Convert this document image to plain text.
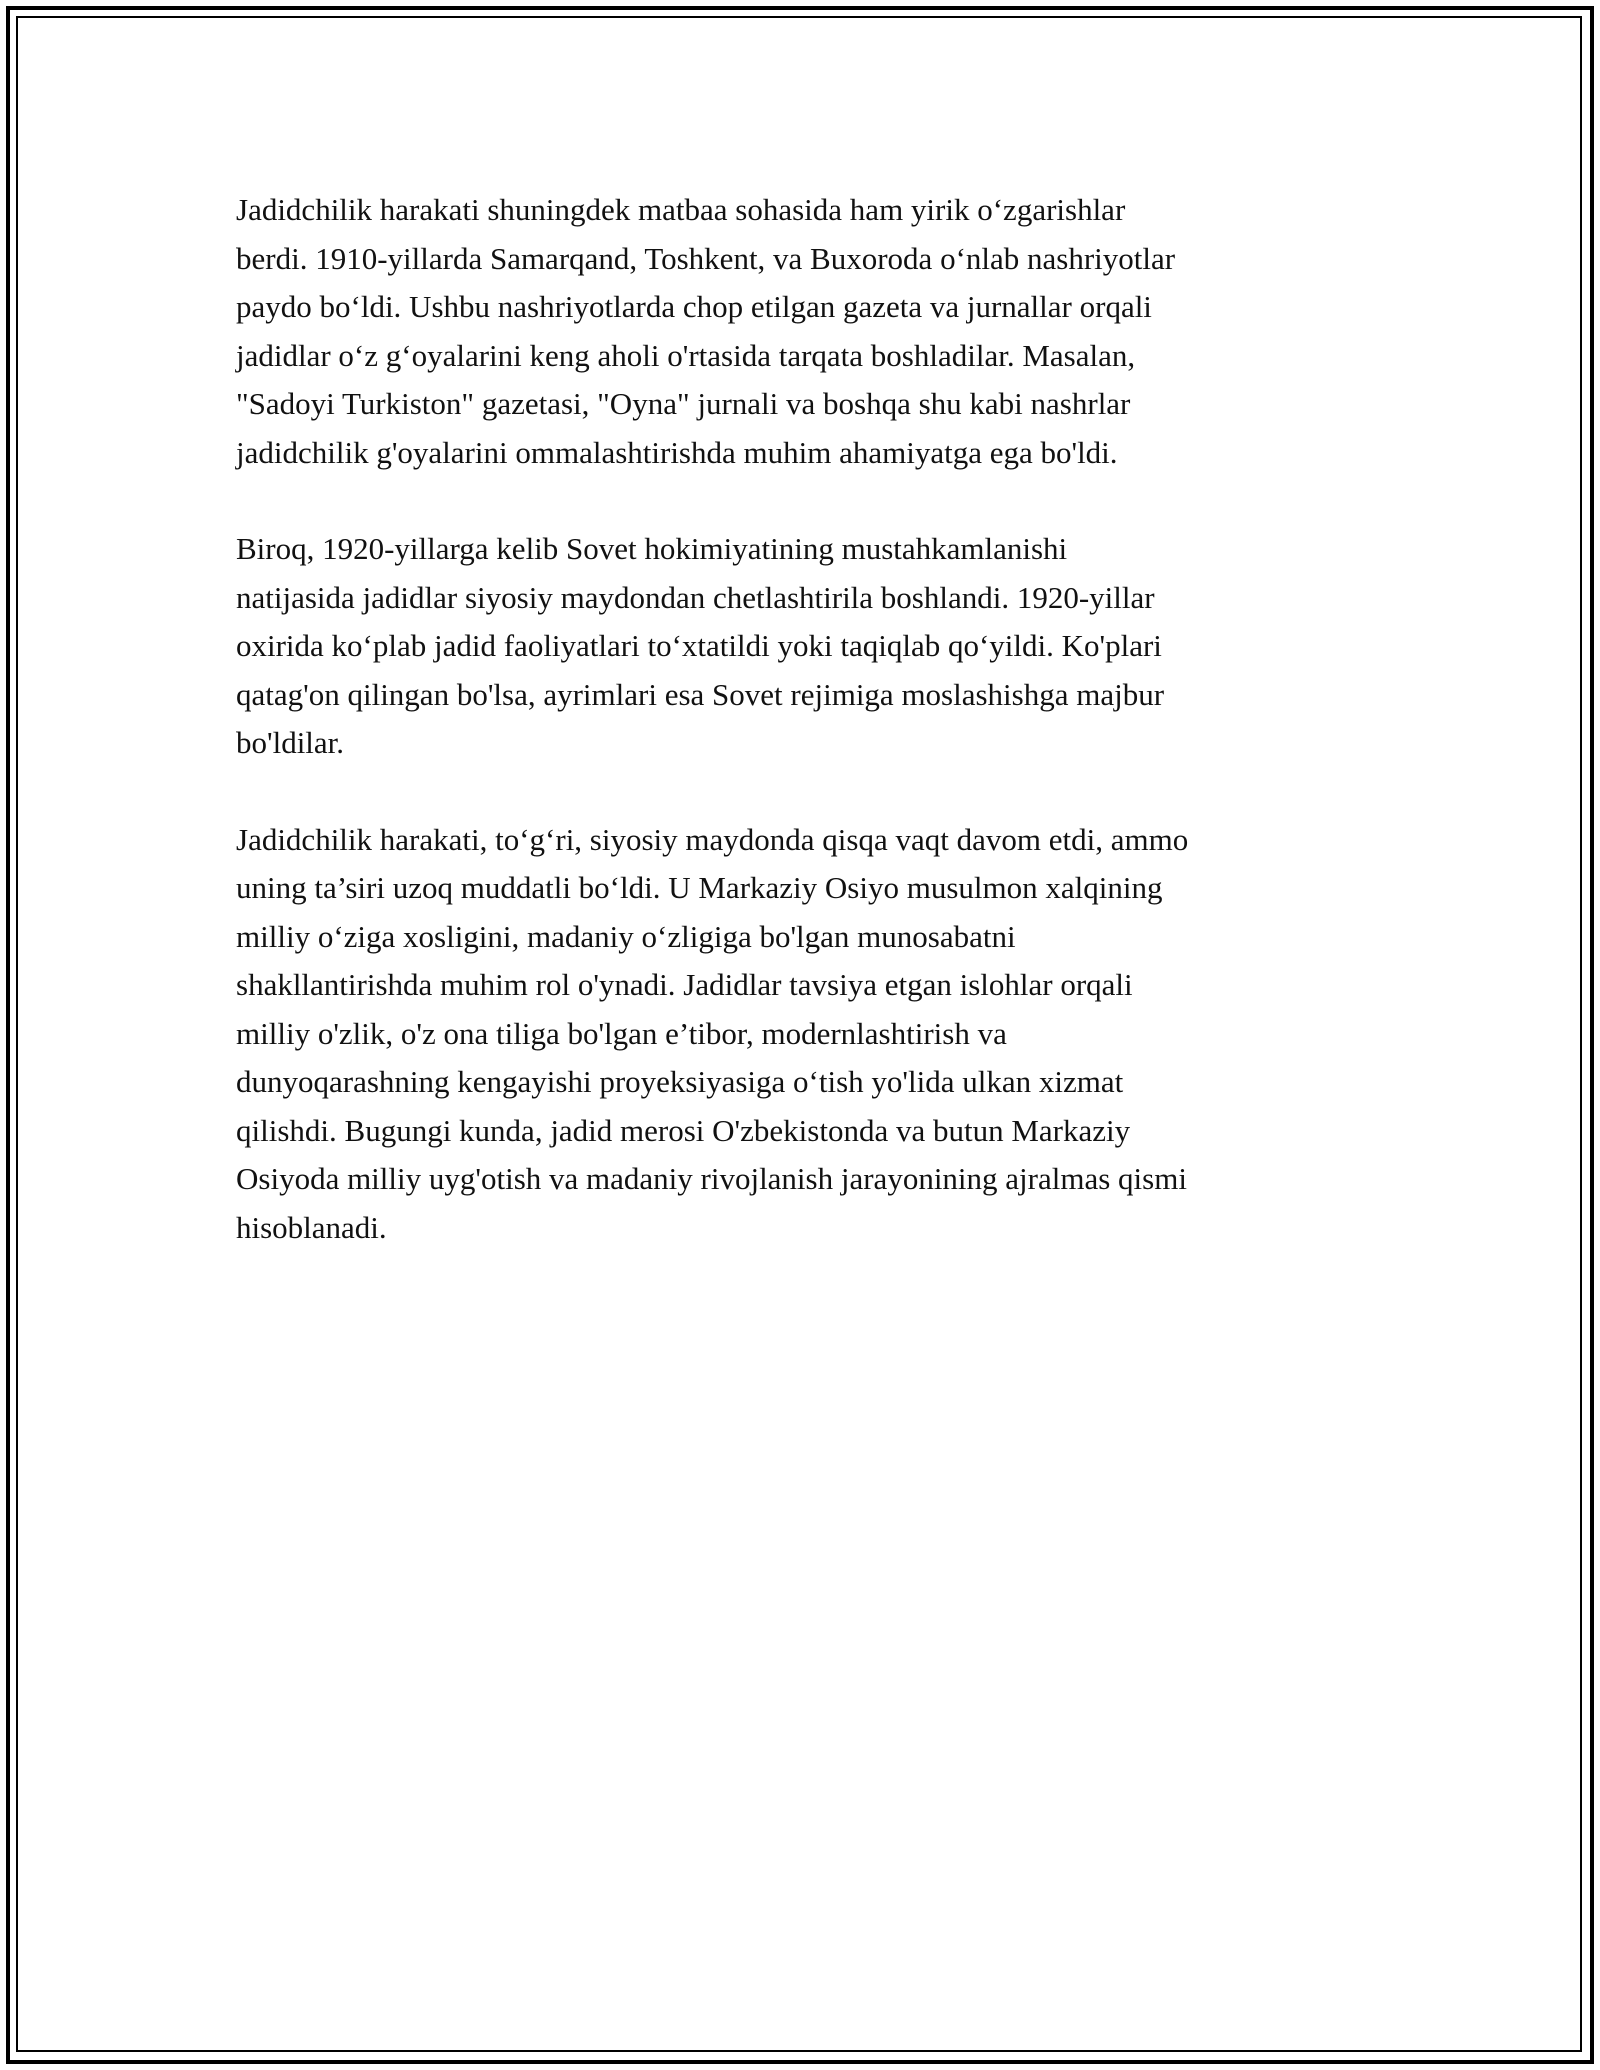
Jadidchilik harakati shuningdek matbaa sohasida ham yirik o‘zgarishlar
berdi. 1910-yillarda Samarqand, Toshkent, va Buxoroda o‘nlab nashriyotlar
paydo bo‘ldi. Ushbu nashriyotlarda chop etilgan gazeta va jurnallar orqali
jadidlar o‘z g‘oyalarini keng aholi o'rtasida tarqata boshladilar. Masalan,
"Sadoyi Turkiston" gazetasi, "Oyna" jurnali va boshqa shu kabi nashrlar
jadidchilik g'oyalarini ommalashtirishda muhim ahamiyatga ega bo'ldi.

Biroq, 1920-yillarga kelib Sovet hokimiyatining mustahkamlanishi
natijasida jadidlar siyosiy maydondan chetlashtirila boshlandi. 1920-yillar
oxirida ko‘plab jadid faoliyatlari to‘xtatildi yoki taqiqlab qo‘yildi. Ko'plari
qatag'on qilingan bo'lsa, ayrimlari esa Sovet rejimiga moslashishga majbur
bo'ldilar.

Jadidchilik harakati, to‘g‘ri, siyosiy maydonda qisqa vaqt davom etdi, ammo
uning ta’siri uzoq muddatli bo‘ldi. U Markaziy Osiyo musulmon xalqining
milliy o‘ziga xosligini, madaniy o‘zligiga bo'lgan munosabatni
shakllantirishda muhim rol o'ynadi. Jadidlar tavsiya etgan islohlar orqali
milliy o'zlik, o'z ona tiliga bo'lgan e’tibor, modernlashtirish va
dunyoqarashning kengayishi proyeksiyasiga o‘tish yo'lida ulkan xizmat
qilishdi. Bugungi kunda, jadid merosi O'zbekistonda va butun Markaziy
Osiyoda milliy uyg'otish va madaniy rivojlanish jarayonining ajralmas qismi
hisoblanadi.
